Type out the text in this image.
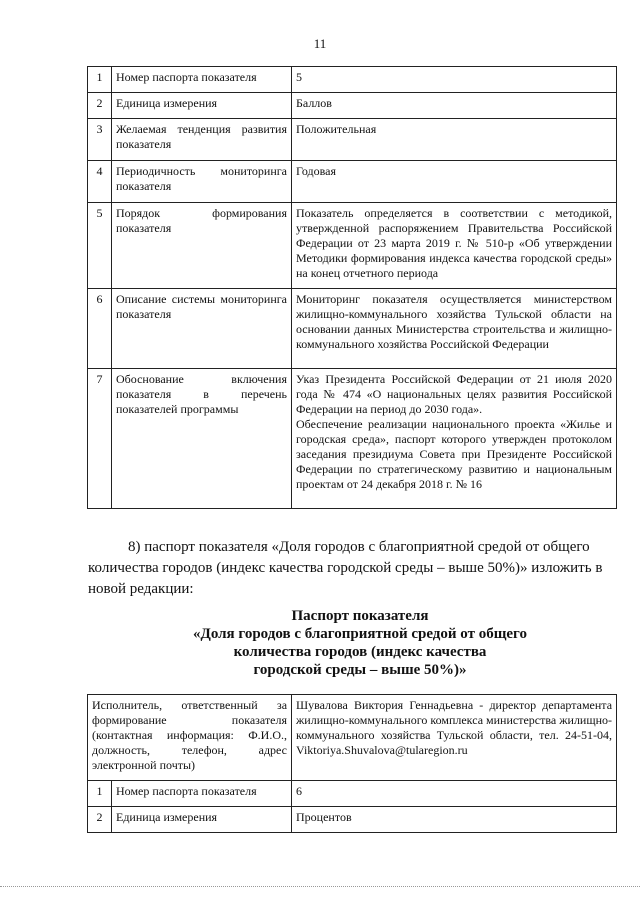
11
1	Номер паспорта показателя	5
2	Единица измерения	Баллов
3	Желаемая тенденция развития показателя	Положительная
4	Периодичность мониторинга показателя	Годовая
5	Порядок формирования показателя	Показатель определяется в соответствии с методикой, утвержденной распоряжением Правительства Российской Федерации от 23 марта 2019 г. № 510-р «Об утверждении Методики формирования индекса качества городской среды» на конец отчетного периода
6	Описание системы мониторинга показателя	Мониторинг показателя осуществляется министерством жилищно-коммунального хозяйства Тульской области на основании данных Министерства строительства и жилищно-коммунального хозяйства Российской Федерации
7	Обоснование включения показателя в перечень показателей программы	Указ Президента Российской Федерации от 21 июля 2020 года № 474 «О национальных целях развития Российской Федерации на период до 2030 года».
Обеспечение реализации национального проекта «Жилье и городская среда», паспорт которого утвержден протоколом заседания президиума Совета при Президенте Российской Федерации по стратегическому развитию и национальным проектам от 24 декабря 2018 г. № 16
8) паспорт показателя «Доля городов с благоприятной средой от общего количества городов (индекс качества городской среды – выше 50%)» изложить в новой редакции:
Паспорт показателя
«Доля городов с благоприятной средой от общего
количества городов (индекс качества
городской среды – выше 50%)»
Исполнитель, ответственный за формирование показателя (контактная информация: Ф.И.О., должность, телефон, адрес электронной почты)		Шувалова Виктория Геннадьевна - директор департамента жилищно-коммунального комплекса министерства жилищно-коммунального хозяйства Тульской области, тел. 24-51-04, Viktoriya.Shuvalova@tularegion.ru
1	Номер паспорта показателя	6
2	Единица измерения	Процентов
